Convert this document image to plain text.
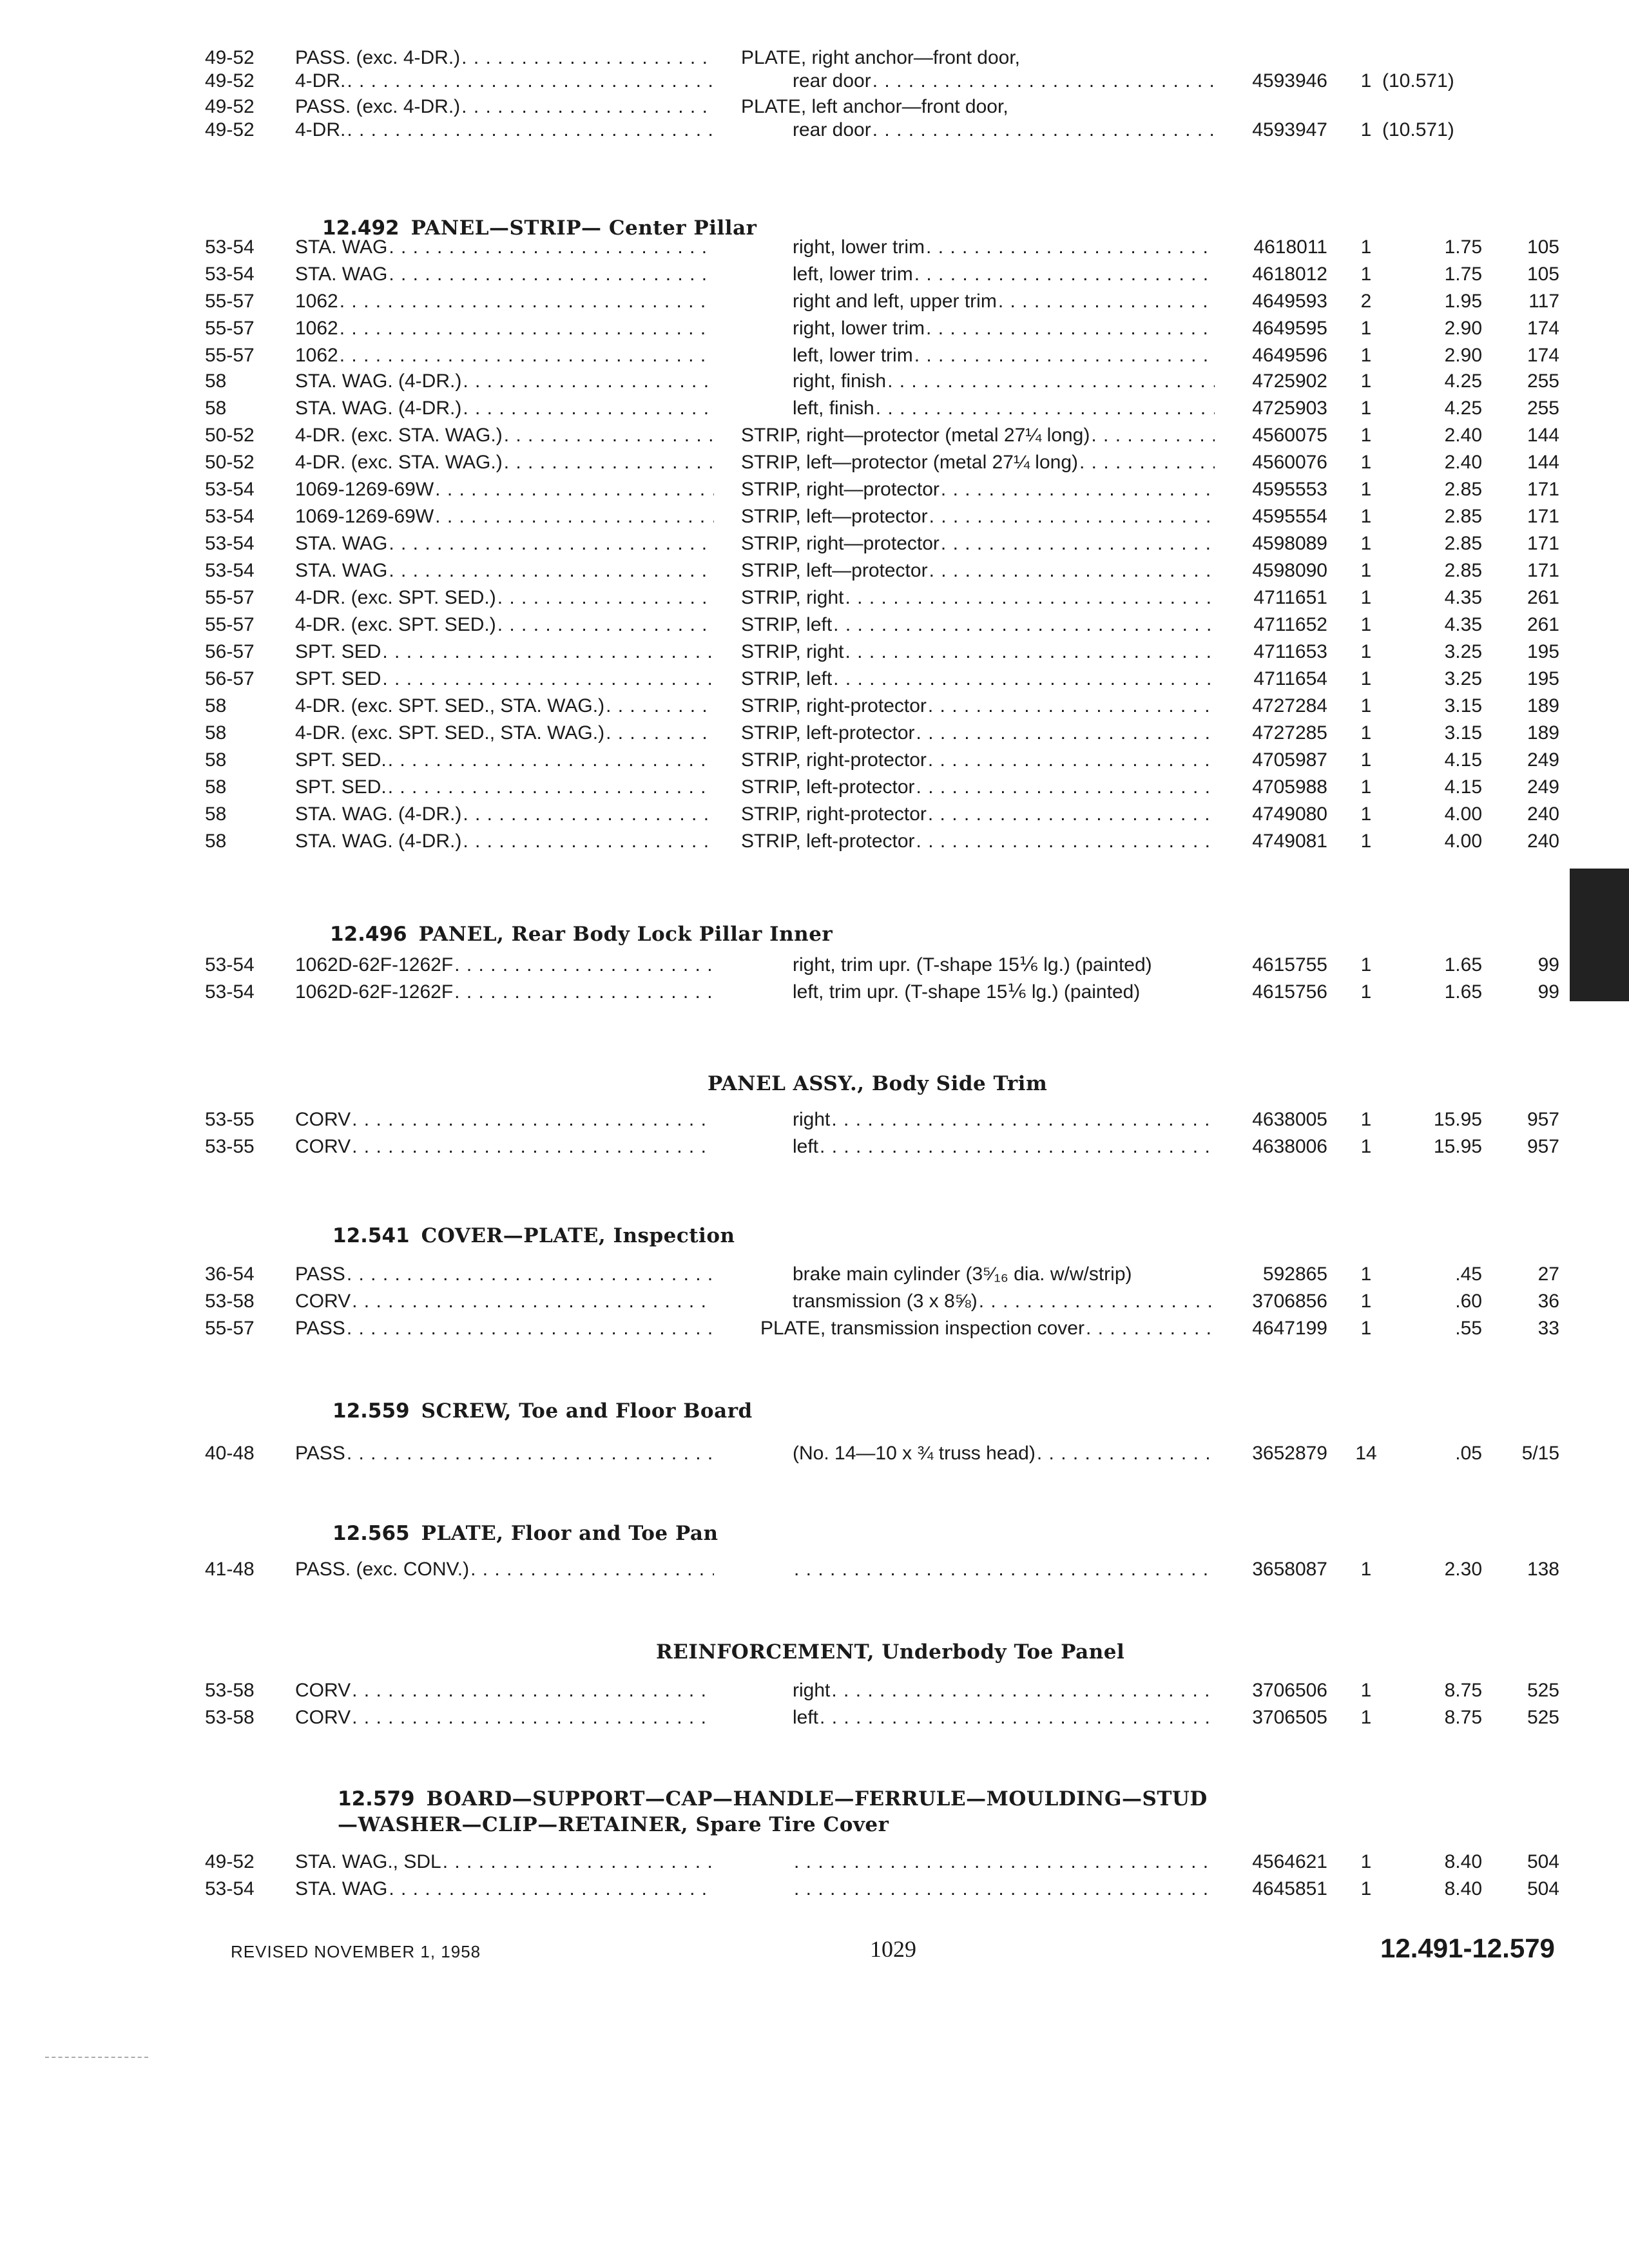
49-52 PASS. (exc. 4-DR.) . . .	PLATE, right anchor—front door,
49-52 4-DR. . . .	rear door . . .	4593946	1 (10.571)
49-52 PASS. (exc. 4-DR.) . . .	PLATE, left anchor—front door,
49-52 4-DR. . . .	rear door . . .	4593947	1 (10.571)
12.492 PANEL—STRIP— Center Pillar
53-54 STA. WAG . . .	right, lower trim . . .	4618011	1	1.75	105
53-54 STA. WAG . . .	left, lower trim . . .	4618012	1	1.75	105
55-57 1062 . . .	right and left, upper trim . . .	4649593	2	1.95	117
55-57 1062 . . .	right, lower trim . . .	4649595	1	2.90	174
55-57 1062 . . .	left, lower trim . . .	4649596	1	2.90	174
58	STA. WAG. (4-DR.) . . .	right, finish . . .	4725902	1	4.25	255
58	STA. WAG. (4-DR.) . . .	left, finish . . .	4725903	1	4.25	255
50-52 4-DR. (exc. STA. WAG.) . . .	STRIP, right—protector (metal 27¼ long) . . .	4560075	1	2.40	144
50-52 4-DR. (exc. STA. WAG.) . . .	STRIP, left—protector (metal 27¼ long) . . .	4560076	1	2.40	144
53-54 1069-1269-69W . . .	STRIP, right—protector . . .	4595553	1	2.85	171
53-54 1069-1269-69W . . .	STRIP, left—protector . . .	4595554	1	2.85	171
53-54 STA. WAG . . .	STRIP, right—protector . . .	4598089	1	2.85	171
53-54 STA. WAG . . .	STRIP, left—protector . . .	4598090	1	2.85	171
55-57 4-DR. (exc. SPT. SED.) . . .	STRIP, right . . .	4711651	1	4.35	261
55-57 4-DR. (exc. SPT. SED.) . . .	STRIP, left . . .	4711652	1	4.35	261
56-57 SPT. SED . . .	STRIP, right . . .	4711653	1	3.25	195
56-57 SPT. SED . . .	STRIP, left . . .	4711654	1	3.25	195
58	4-DR. (exc. SPT. SED., STA. WAG.) . . .	STRIP, right-protector . . .	4727284	1	3.15	189
58	4-DR. (exc. SPT. SED., STA. WAG.) . . .	STRIP, left-protector . . .	4727285	1	3.15	189
58	SPT. SED. . . .	STRIP, right-protector . . .	4705987	1	4.15	249
58	SPT. SED. . . .	STRIP, left-protector . . .	4705988	1	4.15	249
58	STA. WAG. (4-DR.) . . .	STRIP, right-protector . . .	4749080	1	4.00	240
58	STA. WAG. (4-DR.) . . .	STRIP, left-protector . . .	4749081	1	4.00	240
12.496 PANEL, Rear Body Lock Pillar Inner
53-54 1062D-62F-1262F . . .	right, trim upr. (T-shape 15⅙ lg.) (painted)	4615755	1	1.65	99
53-54 1062D-62F-1262F . . .	left, trim upr. (T-shape 15⅙ lg.) (painted)	4615756	1	1.65	99
PANEL ASSY., Body Side Trim
53-55 CORV . . .	right . . .	4638005	1	15.95	957
53-55 CORV . . .	left . . .	4638006	1	15.95	957
12.541 COVER—PLATE, Inspection
36-54 PASS . . .	brake main cylinder (3⁵⁄₁₆ dia. w/w/strip)	592865	1	.45	27
53-58 CORV . . .	transmission (3 x 8⅝) . . .	3706856	1	.60	36
55-57 PASS . . .	PLATE, transmission inspection cover . . .	4647199	1	.55	33
12.559 SCREW, Toe and Floor Board
40-48 PASS . . .	(No. 14—10 x ¾ truss head) . . .	3652879	14	.05	5/15
12.565 PLATE, Floor and Toe Pan
41-48 PASS. (exc. CONV.) . . . . . .	3658087	1	2.30	138
REINFORCEMENT, Underbody Toe Panel
53-58 CORV . . .	right . . .	3706506	1	8.75	525
53-58 CORV . . .	left . . .	3706505	1	8.75	525
12.579 BOARD—SUPPORT—CAP—HANDLE—FERRULE—MOULDING—STUD
—WASHER—CLIP—RETAINER, Spare Tire Cover
49-52 STA. WAG., SDL . . . . . .	4564621	1	8.40	504
53-54 STA. WAG . . . . . .	4645851	1	8.40	504
REVISED NOVEMBER 1, 1958	1029	12.491-12.579
